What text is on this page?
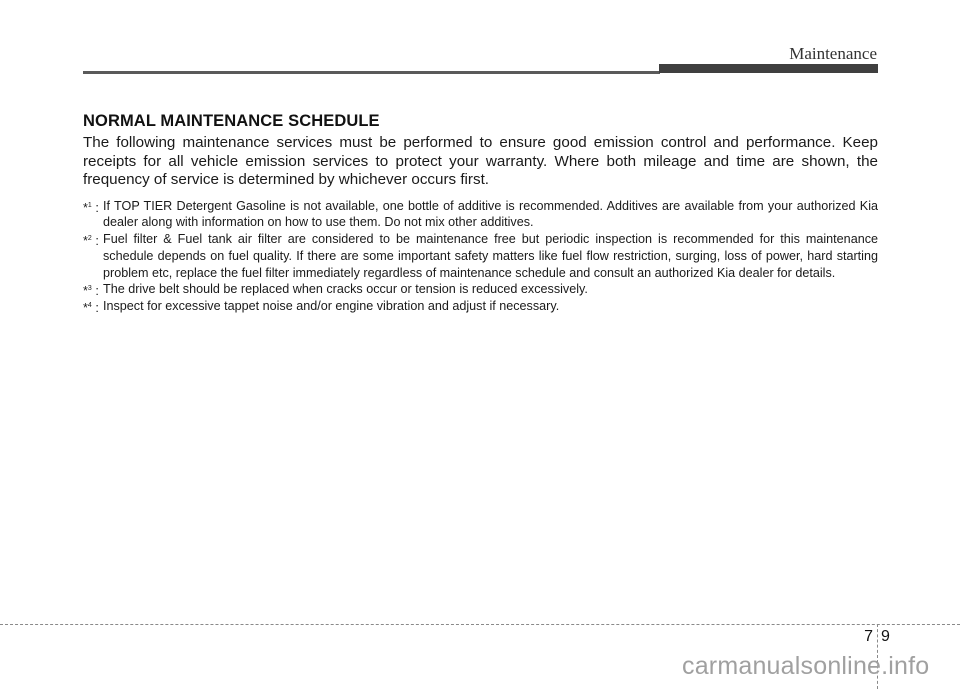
Maintenance
NORMAL MAINTENANCE SCHEDULE

The following maintenance services must be performed to ensure good emission control and performance. Keep receipts for all vehicle emission services to protect your warranty. Where both mileage and time are shown, the frequency of service is determined by whichever occurs first.

*$^1$ : If TOP TIER Detergent Gasoline is not available, one bottle of additive is recommended. Additives are available from your authorized Kia dealer along with information on how to use them. Do not mix other additives.
*$^2$ : Fuel filter & Fuel tank air filter are considered to be maintenance free but periodic inspection is recommended for this maintenance schedule depends on fuel quality. If there are some important safety matters like fuel flow restriction, surging, loss of power, hard starting problem etc, replace the fuel filter immediately regardless of maintenance schedule and consult an authorized Kia dealer for details.
*$^3$ : The drive belt should be replaced when cracks occur or tension is reduced excessively.
*$^4$ : Inspect for excessive tappet noise and/or engine vibration and adjust if necessary.
7 9
carmanualsonline.info
